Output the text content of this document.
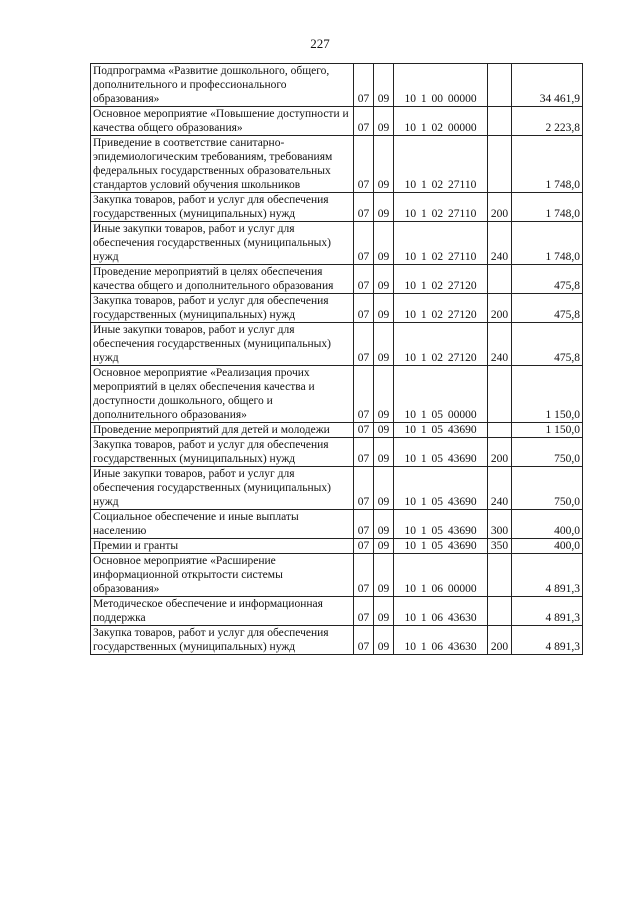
227
Подпрограмма «Развитие дошкольного, общего, дополнительного и профессионального образования»	07	09	10 1 00 00000		34 461,9
Основное мероприятие «Повышение доступности и качества общего образования»	07	09	10 1 02 00000		2 223,8
Приведение в соответствие санитарно-эпидемиологическим требованиям, требованиям федеральных государственных образовательных стандартов условий обучения школьников	07	09	10 1 02 27110		1 748,0
Закупка товаров, работ и услуг для обеспечения государственных (муниципальных) нужд	07	09	10 1 02 27110	200	1 748,0
Иные закупки товаров, работ и услуг для обеспечения государственных (муниципальных) нужд	07	09	10 1 02 27110	240	1 748,0
Проведение мероприятий в целях обеспечения качества общего и дополнительного образования	07	09	10 1 02 27120		475,8
Закупка товаров, работ и услуг для обеспечения государственных (муниципальных) нужд	07	09	10 1 02 27120	200	475,8
Иные закупки товаров, работ и услуг для обеспечения государственных (муниципальных) нужд	07	09	10 1 02 27120	240	475,8
Основное мероприятие «Реализация прочих мероприятий в целях обеспечения качества и доступности дошкольного, общего и дополнительного образования»	07	09	10 1 05 00000		1 150,0
Проведение мероприятий для детей и молодежи	07	09	10 1 05 43690		1 150,0
Закупка товаров, работ и услуг для обеспечения государственных (муниципальных) нужд	07	09	10 1 05 43690	200	750,0
Иные закупки товаров, работ и услуг для обеспечения государственных (муниципальных) нужд	07	09	10 1 05 43690	240	750,0
Социальное обеспечение и иные выплаты населению	07	09	10 1 05 43690	300	400,0
Премии и гранты	07	09	10 1 05 43690	350	400,0
Основное мероприятие «Расширение информационной открытости системы образования»	07	09	10 1 06 00000		4 891,3
Методическое обеспечение и информационная поддержка	07	09	10 1 06 43630		4 891,3
Закупка товаров, работ и услуг для обеспечения государственных (муниципальных) нужд	07	09	10 1 06 43630	200	4 891,3
